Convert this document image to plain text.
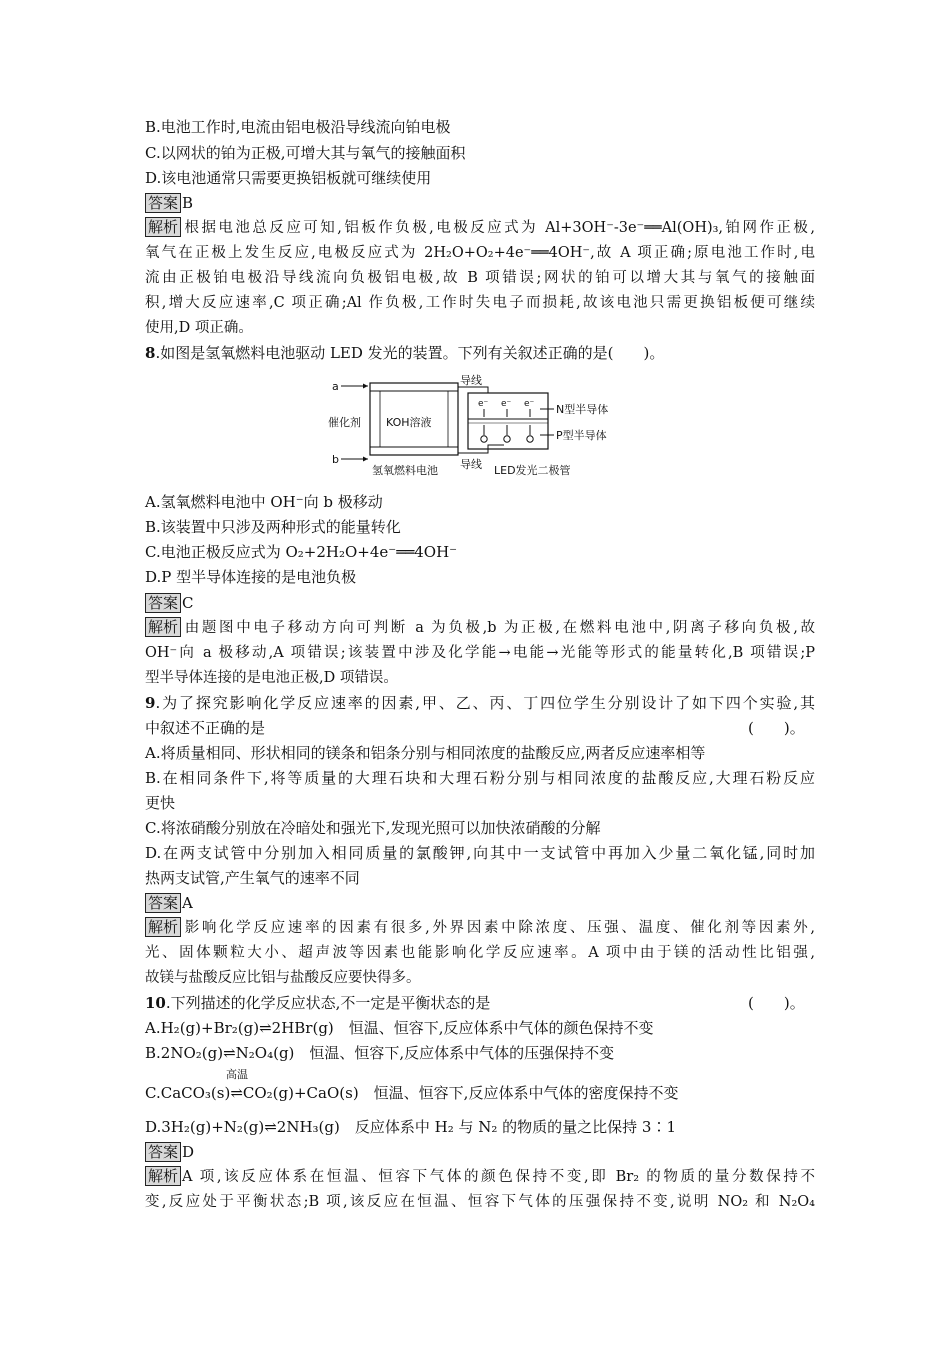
B.电池工作时,电流由铝电极沿导线流向铂电极
C.以网状的铂为正极,可增大其与氧气的接触面积
D.该电池通常只需要更换铝板就可继续使用
答案 B
解析 根据电池总反应可知,铝板作负极,电极反应式为 Al+3OH⁻-3e⁻══Al(OH)₃,铂网作正极,
氧气在正极上发生反应,电极反应式为 2H₂O+O₂+4e⁻══4OH⁻,故 A 项正确;原电池工作时,电
流由正极铂电极沿导线流向负极铝电极,故 B 项错误;网状的铂可以增大其与氧气的接触面
积,增大反应速率,C 项正确;Al 作负极,工作时失电子而损耗,故该电池只需更换铝板便可继续
使用,D 项正确。
8.如图是氢氧燃料电池驱动 LED 发光的装置。下列有关叙述正确的是(　　)。
a
b
催化剂 KOH溶液
氢氧燃料电池
导线
导线
e⁻ e⁻ e⁻ N型半导体
P型半导体
LED发光二极管
A.氢氧燃料电池中 OH⁻向 b 极移动
B.该装置中只涉及两种形式的能量转化
C.电池正极反应式为 O₂+2H₂O+4e⁻══4OH⁻
D.P 型半导体连接的是电池负极
答案 C
解析 由题图中电子移动方向可判断 a 为负极,b 为正极,在燃料电池中,阴离子移向负极,故
OH⁻向 a 极移动,A 项错误;该装置中涉及化学能→电能→光能等形式的能量转化,B 项错误;P
型半导体连接的是电池正极,D 项错误。
9.为了探究影响化学反应速率的因素,甲、乙、丙、丁四位学生分别设计了如下四个实验,其
中叙述不正确的是	(　　)。
A.将质量相同、形状相同的镁条和铝条分别与相同浓度的盐酸反应,两者反应速率相等
B.在相同条件下,将等质量的大理石块和大理石粉分别与相同浓度的盐酸反应,大理石粉反应
更快
C.将浓硝酸分别放在冷暗处和强光下,发现光照可以加快浓硝酸的分解
D.在两支试管中分别加入相同质量的氯酸钾,向其中一支试管中再加入少量二氧化锰,同时加
热两支试管,产生氧气的速率不同
答案 A
解析 影响化学反应速率的因素有很多,外界因素中除浓度、压强、温度、催化剂等因素外,
光、固体颗粒大小、超声波等因素也能影响化学反应速率。A 项中由于镁的活动性比铝强,
故镁与盐酸反应比铝与盐酸反应要快得多。
10.下列描述的化学反应状态,不一定是平衡状态的是	(　　)。
A.H₂(g)+Br₂(g)⇌2HBr(g)　恒温、恒容下,反应体系中气体的颜色保持不变
B.2NO₂(g)⇌N₂O₄(g)　恒温、恒容下,反应体系中气体的压强保持不变
高温
C.CaCO₃(s)⇌CO₂(g)+CaO(s)　恒温、恒容下,反应体系中气体的密度保持不变
D.3H₂(g)+N₂(g)⇌2NH₃(g)　反应体系中 H₂ 与 N₂ 的物质的量之比保持 3∶1
答案 D
解析 A 项,该反应体系在恒温、恒容下气体的颜色保持不变,即 Br₂ 的物质的量分数保持不
变,反应处于平衡状态;B 项,该反应在恒温、恒容下气体的压强保持不变,说明 NO₂ 和 N₂O₄
